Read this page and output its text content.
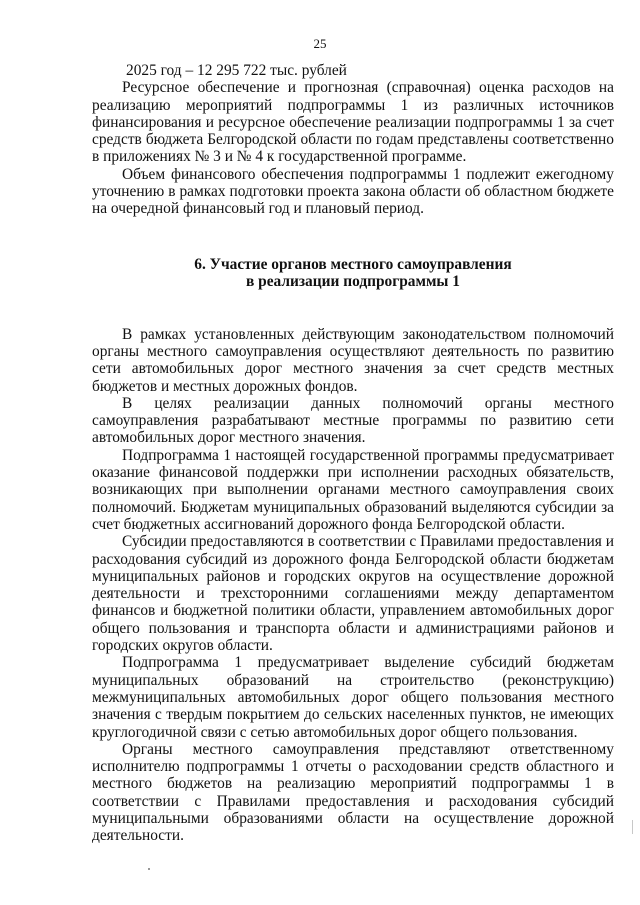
25

2025 год – 12 295 722 тыс. рублей

Ресурсное обеспечение и прогнозная (справочная) оценка расходов на реализацию мероприятий подпрограммы 1 из различных источников финансирования и ресурсное обеспечение реализации подпрограммы 1 за счет средств бюджета Белгородской области по годам представлены соответственно в приложениях № 3 и № 4 к государственной программе.

Объем финансового обеспечения подпрограммы 1 подлежит ежегодному уточнению в рамках подготовки проекта закона области об областном бюджете на очередной финансовый год и плановый период.

6. Участие органов местного самоуправления
в реализации подпрограммы 1

В рамках установленных действующим законодательством полномочий органы местного самоуправления осуществляют деятельность по развитию сети автомобильных дорог местного значения за счет средств местных бюджетов и местных дорожных фондов.

В целях реализации данных полномочий органы местного самоуправления разрабатывают местные программы по развитию сети автомобильных дорог местного значения.

Подпрограмма 1 настоящей государственной программы предусматривает оказание финансовой поддержки при исполнении расходных обязательств, возникающих при выполнении органами местного самоуправления своих полномочий. Бюджетам муниципальных образований выделяются субсидии за счет бюджетных ассигнований дорожного фонда Белгородской области.

Субсидии предоставляются в соответствии с Правилами предоставления и расходования субсидий из дорожного фонда Белгородской области бюджетам муниципальных районов и городских округов на осуществление дорожной деятельности и трехсторонними соглашениями между департаментом финансов и бюджетной политики области, управлением автомобильных дорог общего пользования и транспорта области и администрациями районов и городских округов области.

Подпрограмма 1 предусматривает выделение субсидий бюджетам муниципальных образований на строительство (реконструкцию) межмуниципальных автомобильных дорог общего пользования местного значения с твердым покрытием до сельских населенных пунктов, не имеющих круглогодичной связи с сетью автомобильных дорог общего пользования.

Органы местного самоуправления представляют ответственному исполнителю подпрограммы 1 отчеты о расходовании средств областного и местного бюджетов на реализацию мероприятий подпрограммы 1 в соответствии с Правилами предоставления и расходования субсидий муниципальными образованиями области на осуществление дорожной деятельности.
